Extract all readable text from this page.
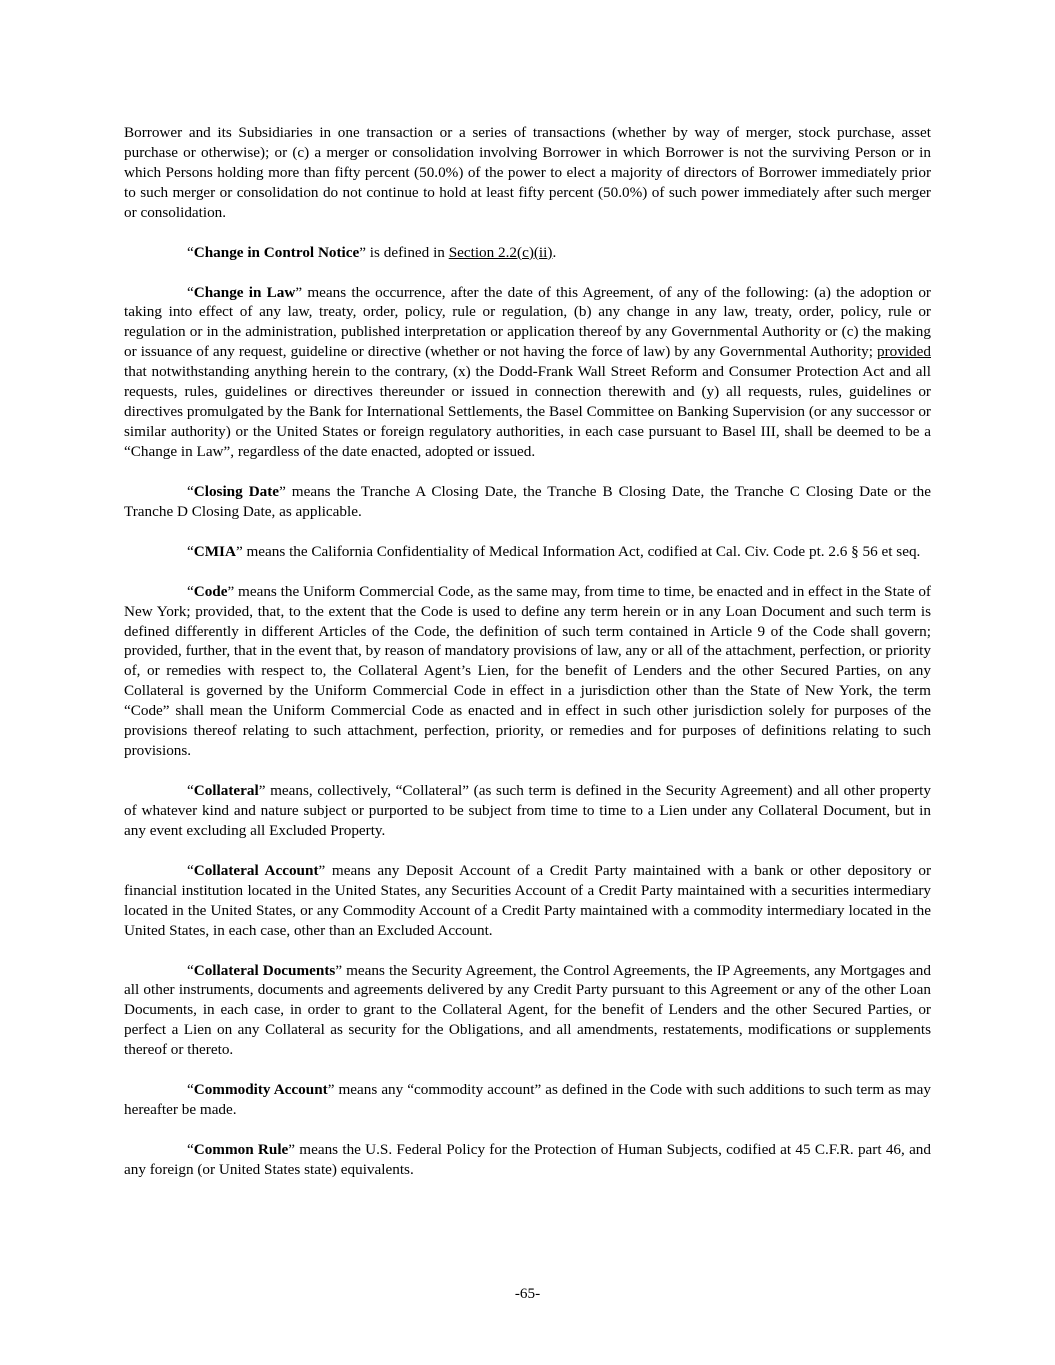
Borrower and its Subsidiaries in one transaction or a series of transactions (whether by way of merger, stock purchase, asset purchase or otherwise); or (c) a merger or consolidation involving Borrower in which Borrower is not the surviving Person or in which Persons holding more than fifty percent (50.0%) of the power to elect a majority of directors of Borrower immediately prior to such merger or consolidation do not continue to hold at least fifty percent (50.0%) of such power immediately after such merger or consolidation.

“Change in Control Notice” is defined in Section 2.2(c)(ii).

“Change in Law” means the occurrence, after the date of this Agreement, of any of the following: (a) the adoption or taking into effect of any law, treaty, order, policy, rule or regulation, (b) any change in any law, treaty, order, policy, rule or regulation or in the administration, published interpretation or application thereof by any Governmental Authority or (c) the making or issuance of any request, guideline or directive (whether or not having the force of law) by any Governmental Authority; provided that notwithstanding anything herein to the contrary, (x) the Dodd-Frank Wall Street Reform and Consumer Protection Act and all requests, rules, guidelines or directives thereunder or issued in connection therewith and (y) all requests, rules, guidelines or directives promulgated by the Bank for International Settlements, the Basel Committee on Banking Supervision (or any successor or similar authority) or the United States or foreign regulatory authorities, in each case pursuant to Basel III, shall be deemed to be a “Change in Law”, regardless of the date enacted, adopted or issued.

“Closing Date” means the Tranche A Closing Date, the Tranche B Closing Date, the Tranche C Closing Date or the Tranche D Closing Date, as applicable.

“CMIA” means the California Confidentiality of Medical Information Act, codified at Cal. Civ. Code pt. 2.6 § 56 et seq.

“Code” means the Uniform Commercial Code, as the same may, from time to time, be enacted and in effect in the State of New York; provided, that, to the extent that the Code is used to define any term herein or in any Loan Document and such term is defined differently in different Articles of the Code, the definition of such term contained in Article 9 of the Code shall govern; provided, further, that in the event that, by reason of mandatory provisions of law, any or all of the attachment, perfection, or priority of, or remedies with respect to, the Collateral Agent’s Lien, for the benefit of Lenders and the other Secured Parties, on any Collateral is governed by the Uniform Commercial Code in effect in a jurisdiction other than the State of New York, the term “Code” shall mean the Uniform Commercial Code as enacted and in effect in such other jurisdiction solely for purposes of the provisions thereof relating to such attachment, perfection, priority, or remedies and for purposes of definitions relating to such provisions.

“Collateral” means, collectively, “Collateral” (as such term is defined in the Security Agreement) and all other property of whatever kind and nature subject or purported to be subject from time to time to a Lien under any Collateral Document, but in any event excluding all Excluded Property.

“Collateral Account” means any Deposit Account of a Credit Party maintained with a bank or other depository or financial institution located in the United States, any Securities Account of a Credit Party maintained with a securities intermediary located in the United States, or any Commodity Account of a Credit Party maintained with a commodity intermediary located in the United States, in each case, other than an Excluded Account.

“Collateral Documents” means the Security Agreement, the Control Agreements, the IP Agreements, any Mortgages and all other instruments, documents and agreements delivered by any Credit Party pursuant to this Agreement or any of the other Loan Documents, in each case, in order to grant to the Collateral Agent, for the benefit of Lenders and the other Secured Parties, or perfect a Lien on any Collateral as security for the Obligations, and all amendments, restatements, modifications or supplements thereof or thereto.

“Commodity Account” means any “commodity account” as defined in the Code with such additions to such term as may hereafter be made.

“Common Rule” means the U.S. Federal Policy for the Protection of Human Subjects, codified at 45 C.F.R. part 46, and any foreign (or United States state) equivalents.

-65-
